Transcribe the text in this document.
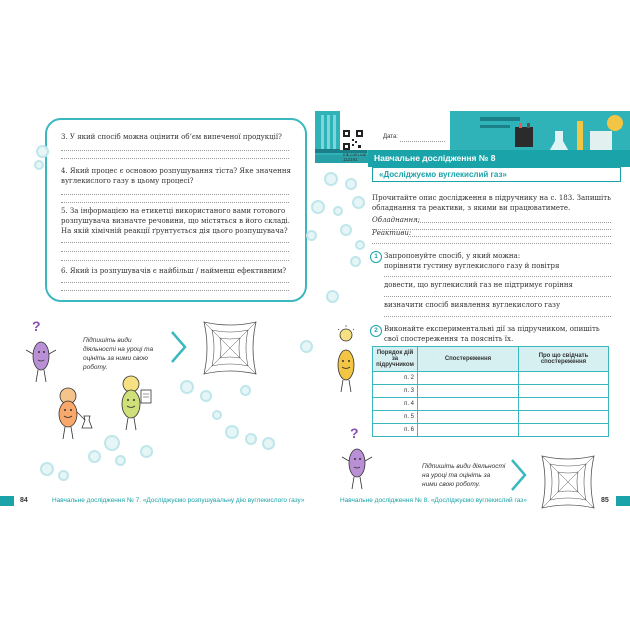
3. У який спосіб можна оцінити об’єм випеченої продукції?
4. Який процес є основою розпушування тіста? Яке значення вуглекислого газу в цьому процесі?
5. За інформацією на етикетці використаного вами готового розпушувача визначте речовини, що містяться в його складі. На якій хімічній реакції ґрунтується дія цього розпушувача?
6. Який із розпушувачів є найбільш / найменш ефективним?
?
Підпишіть види діяльності на уроці та оцініть за ними свою роботу.
84	Навчальне дослідження № 7. «Досліджуємо розпушувальну дію вуглекислого газу»
mk.com.ua/
112191
Дата:
Навчальне дослідження № 8
«Досліджуємо вуглекислий газ»
Прочитайте опис дослідження в підручнику на с. 183. Запишіть обладнання та реактиви, з якими ви працюватимете.
Обладнання:
Реактиви:
1 Запропонуйте спосіб, у який можна:
порівняти густину вуглекислого газу й повітря
довести, що вуглекислий газ не підтримує горіння
визначити спосіб виявлення вуглекислого газу
2 Виконайте експериментальні дії за підручником, опишіть свої спостереження та поясніть їх.
Порядок дій за підручником	Спостереження	Про що свідчать спостереження
п. 2		
п. 3		
п. 4		
п. 5		
п. 6		
?
Підпишіть види діяльності на уроці та оцініть за ними свою роботу.
Навчальне дослідження № 8. «Досліджуємо вуглекислий газ»	85
